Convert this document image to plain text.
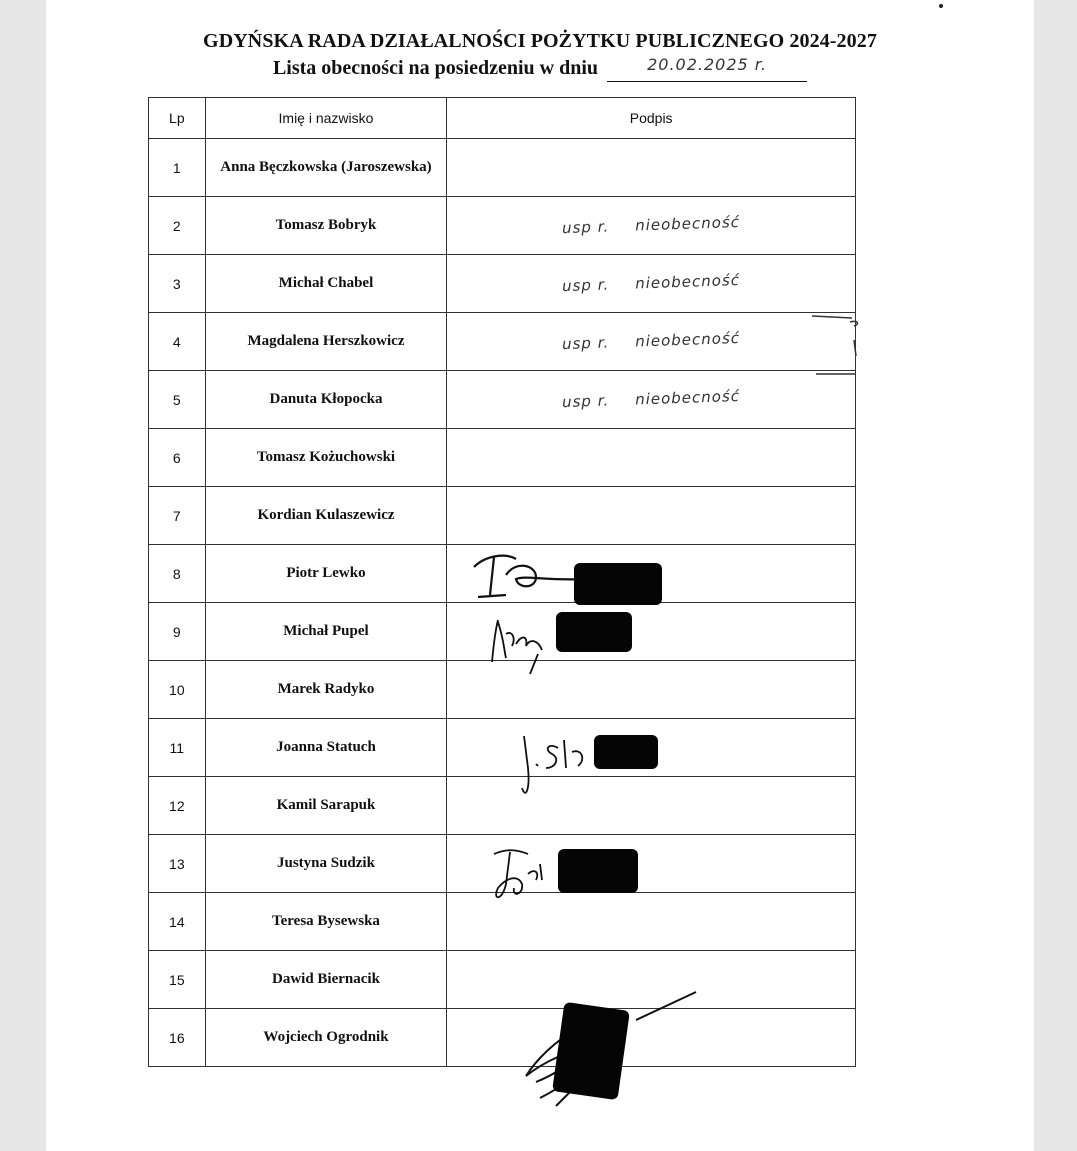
GDYŃSKA RADA DZIAŁALNOŚCI POŻYTKU PUBLICZNEGO 2024-2027
Lista obecności na posiedzeniu w dniu	$^{20.02.2025 r.}$
Lp	Imię i nazwisko	Podpis
1	Anna Bęczkowska (Jaroszewska)	
2	Tomasz Bobryk	usp r. nieobecność
3	Michał Chabel	usp r. nieobecność
4	Magdalena Herszkowicz	usp r. nieobecność
5	Danuta Kłopocka	usp r. nieobecność
6	Tomasz Kożuchowski	
7	Kordian Kulaszewicz	
8	Piotr Lewko	
9	Michał Pupel	
10	Marek Radyko	
11	Joanna Statuch	
12	Kamil Sarapuk	
13	Justyna Sudzik	
14	Teresa Bysewska	
15	Dawid Biernacik	
16	Wojciech Ogrodnik	
